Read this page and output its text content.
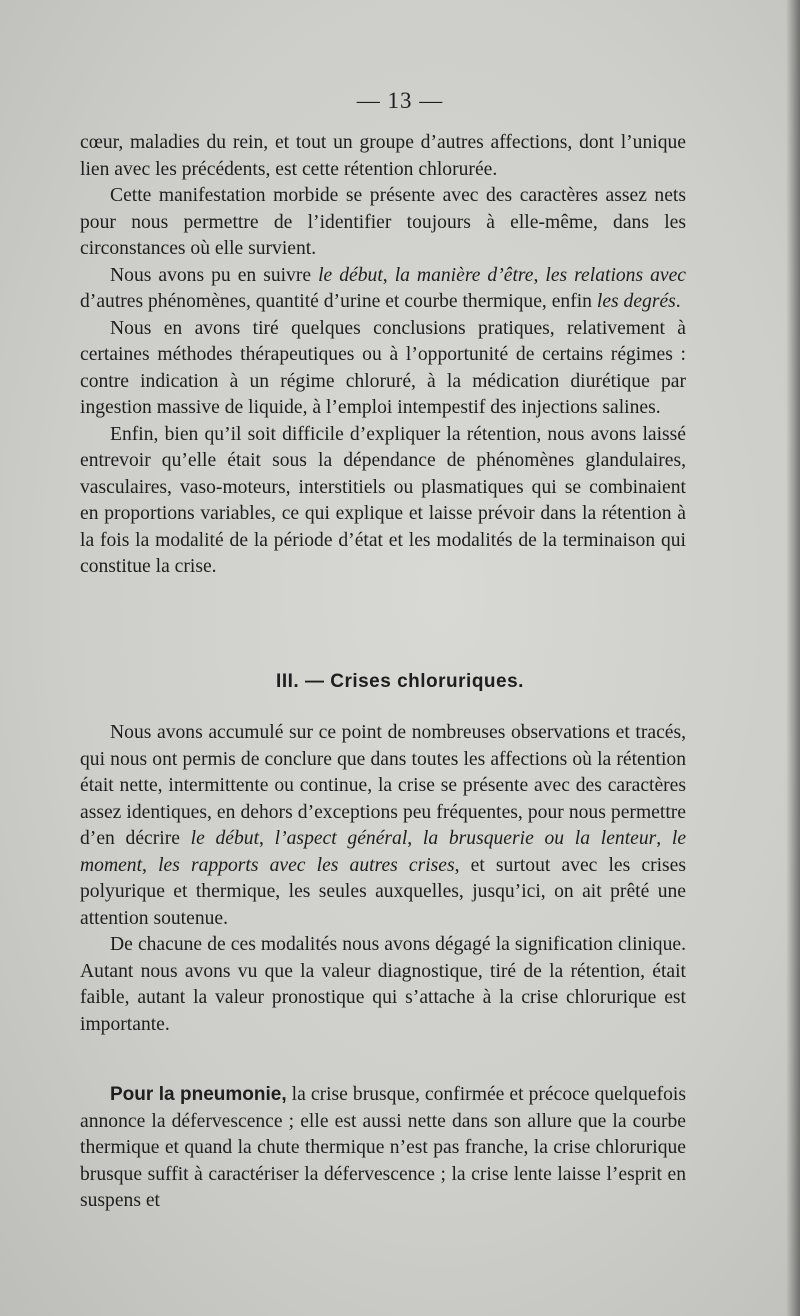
— 13 —

cœur, maladies du rein, et tout un groupe d’autres affections, dont l’unique lien avec les précédents, est cette rétention chlorurée.

Cette manifestation morbide se présente avec des caractères assez nets pour nous permettre de l’identifier toujours à elle-même, dans les circonstances où elle survient.

Nous avons pu en suivre le début, la manière d’être, les relations avec d’autres phénomènes, quantité d’urine et courbe thermique, enfin les degrés.

Nous en avons tiré quelques conclusions pratiques, relativement à certaines méthodes thérapeutiques ou à l’opportunité de certains régimes : contre indication à un régime chloruré, à la médication diurétique par ingestion massive de liquide, à l’emploi intempestif des injections salines.

Enfin, bien qu’il soit difficile d’expliquer la rétention, nous avons laissé entrevoir qu’elle était sous la dépendance de phénomènes glandulaires, vasculaires, vaso-moteurs, interstitiels ou plasmatiques qui se combinaient en proportions variables, ce qui explique et laisse prévoir dans la rétention à la fois la modalité de la période d’état et les modalités de la terminaison qui constitue la crise.

III. — Crises chloruriques.

Nous avons accumulé sur ce point de nombreuses observations et tracés, qui nous ont permis de conclure que dans toutes les affections où la rétention était nette, intermittente ou continue, la crise se présente avec des caractères assez identiques, en dehors d’exceptions peu fréquentes, pour nous permettre d’en décrire le début, l’aspect général, la brusquerie ou la lenteur, le moment, les rapports avec les autres crises, et surtout avec les crises polyurique et thermique, les seules auxquelles, jusqu’ici, on ait prêté une attention soutenue.

De chacune de ces modalités nous avons dégagé la signification clinique. Autant nous avons vu que la valeur diagnostique, tiré de la rétention, était faible, autant la valeur pronostique qui s’attache à la crise chlorurique est importante.

Pour la pneumonie, la crise brusque, confirmée et précoce quelquefois annonce la défervescence ; elle est aussi nette dans son allure que la courbe thermique et quand la chute thermique n’est pas franche, la crise chlorurique brusque suffit à caractériser la défervescence ; la crise lente laisse l’esprit en suspens et
